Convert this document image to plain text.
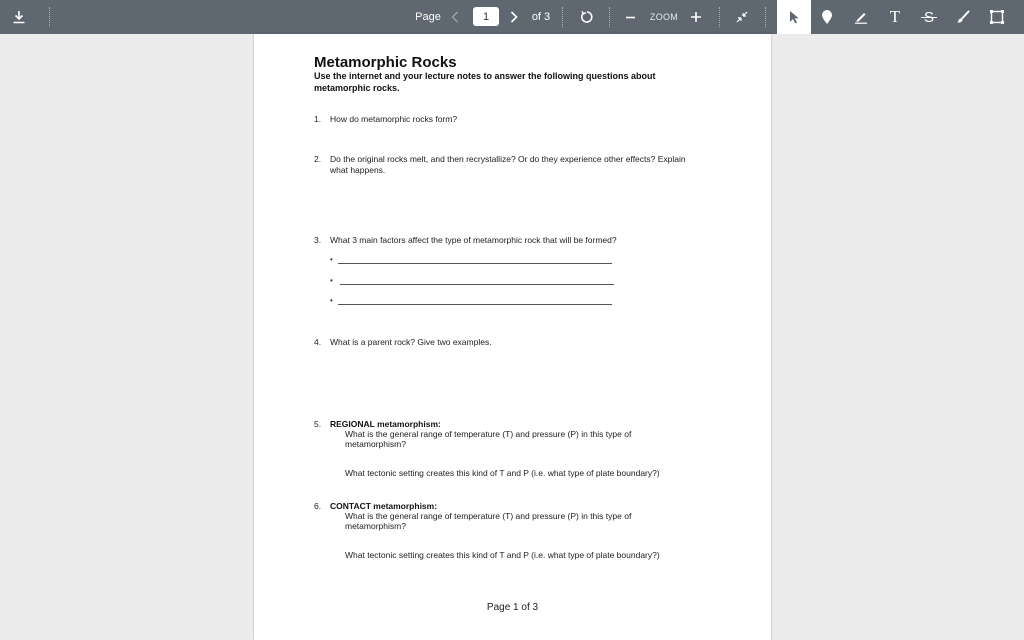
Page
1	of 3	ZOOM	T
Metamorphic Rocks
Use the internet and your lecture notes to answer the following questions about metamorphic rocks.
1. How do metamorphic rocks form?
2. Do the original rocks melt, and then recrystallize? Or do they experience other effects? Explain what happens.
3. What 3 main factors affect the type of metamorphic rock that will be formed?
•
•
•
4. What is a parent rock? Give two examples.
5. REGIONAL metamorphism:
What is the general range of temperature (T) and pressure (P) in this type of metamorphism?
What tectonic setting creates this kind of T and P (i.e. what type of plate boundary?)
6. CONTACT metamorphism:
What is the general range of temperature (T) and pressure (P) in this type of metamorphism?
What tectonic setting creates this kind of T and P (i.e. what type of plate boundary?)
Page 1 of 3
